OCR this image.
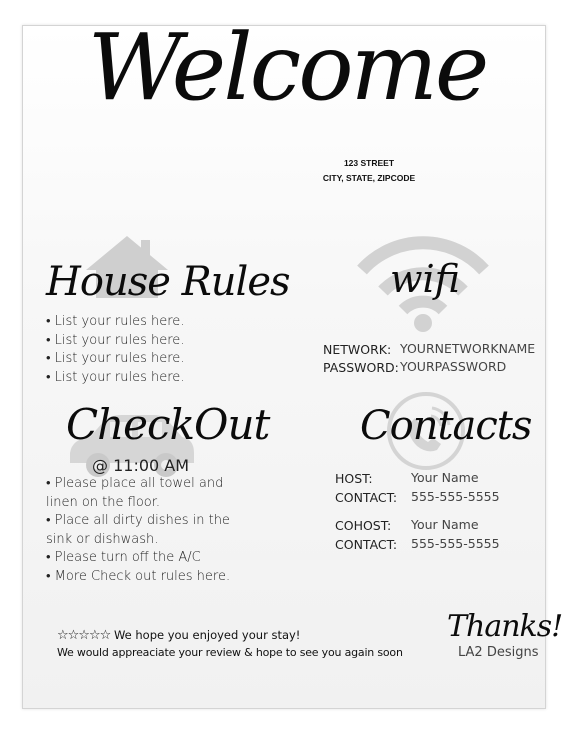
Welcome
123 STREET
CITY, STATE, ZIPCODE
House Rules
• List your rules here.
• List your rules here.
• List your rules here.
• List your rules here.
wifi
NETWORK: YOURNETWORKNAME
PASSWORD: YOURPASSWORD
CheckOut
@ 11:00 AM
• Please place all towel and
linen on the floor.
• Place all dirty dishes in the
sink or dishwash.
• Please turn off the A/C
• More Check out rules here.
Contacts
HOST:	Your Name
CONTACT: 555-555-5555
COHOST: Your Name
CONTACT: 555-555-5555
☆☆☆☆☆ We hope you enjoyed your stay!
We would appreaciate your review & hope to see you again soon
Thanks!
LA2 Designs
